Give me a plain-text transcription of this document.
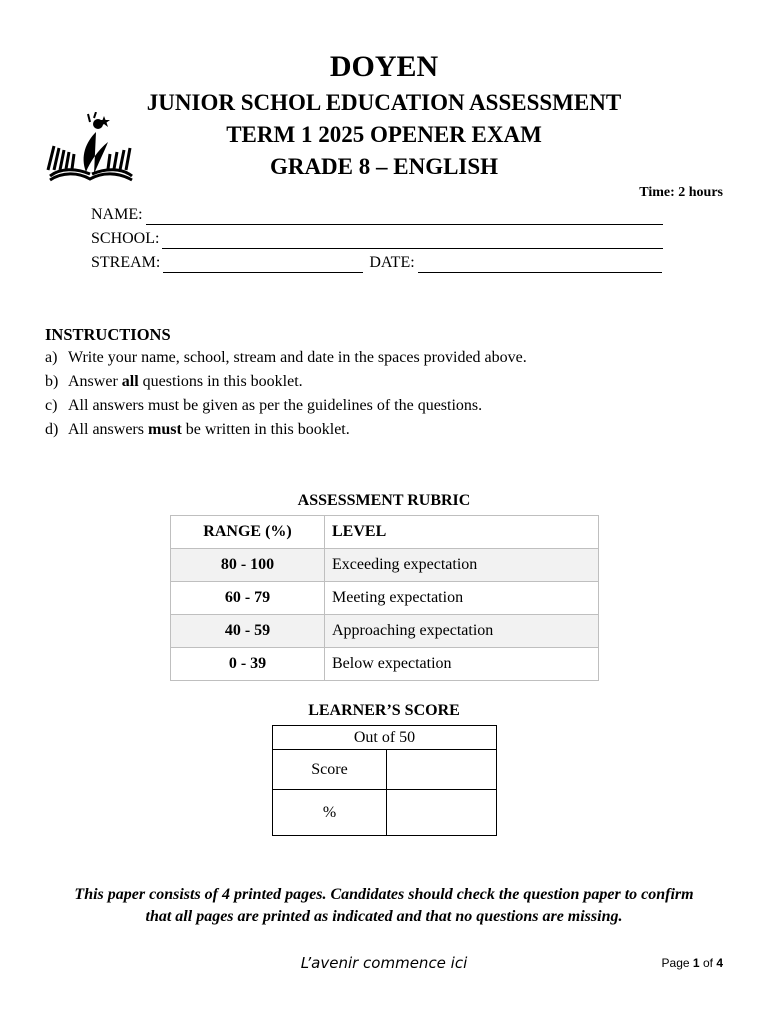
DOYEN
JUNIOR SCHOL EDUCATION ASSESSMENT
TERM 1 2025 OPENER EXAM
GRADE 8 – ENGLISH
Time: 2 hours
NAME:
SCHOOL:
STREAM:	DATE:
INSTRUCTIONS
a) Write your name, school, stream and date in the spaces provided above.
b) Answer all questions in this booklet.
c) All answers must be given as per the guidelines of the questions.
d) All answers must be written in this booklet.
ASSESSMENT RUBRIC
RANGE (%)	LEVEL
80 - 100	Exceeding expectation
60 - 79	Meeting expectation
40 - 59	Approaching expectation
0 - 39	Below expectation
LEARNER’S SCORE
Out of 50	
Score	
%	
This paper consists of 4 printed pages. Candidates should check the question paper to confirm that all pages are printed as indicated and that no questions are missing.
L’avenir commence ici	Page 1 of 4
